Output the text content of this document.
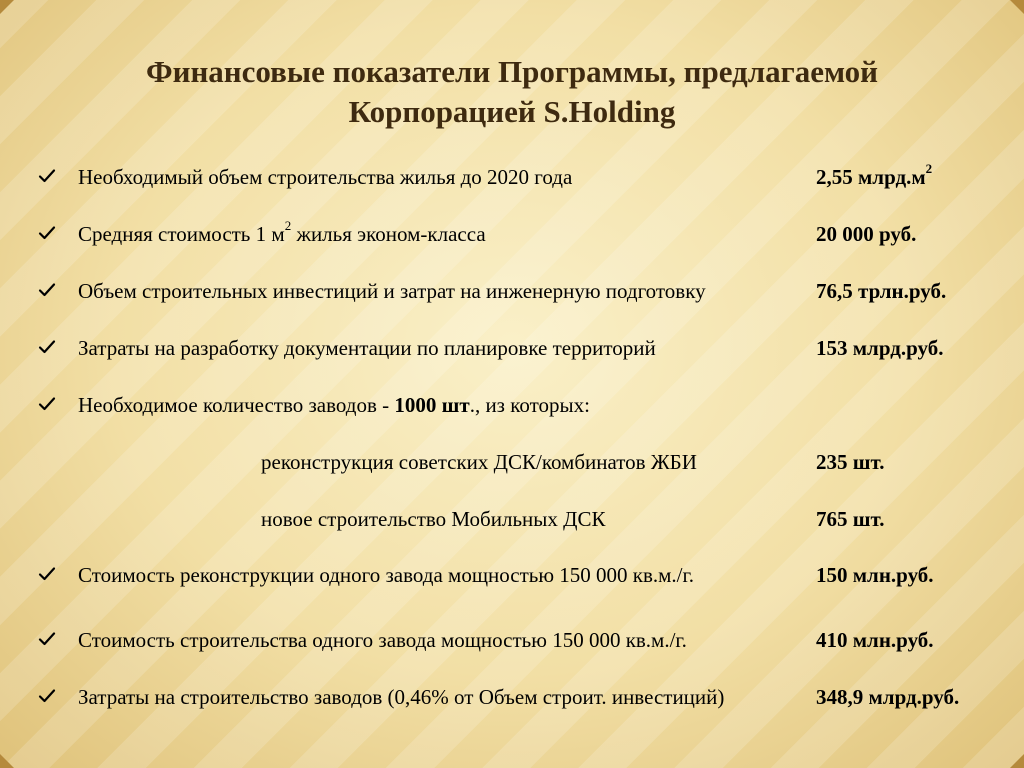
Финансовые показатели Программы, предлагаемой
Корпорацией S.Holding
Необходимый объем строительства жилья до 2020 года	2,55 $млрд.м^2$
Средняя стоимость 1 $м^2$ жилья эконом-класса	20 000 руб.
Объем строительных инвестиций и затрат на инженерную подготовку	76,5 трлн.руб.
Затраты на разработку документации по планировке территорий	153 млрд.руб.
Необходимое количество заводов - 1000 шт., из которых:
реконструкция советских ДСК/комбинатов ЖБИ	235 шт.
новое строительство Мобильных ДСК	765 шт.
Стоимость реконструкции одного завода мощностью 150 000 кв.м./г.	150 млн.руб.
Стоимость строительства одного завода мощностью 150 000 кв.м./г.	410 млн.руб.
Затраты на строительство заводов (0,46% от Объем строит. инвестиций)	348,9 млрд.руб.
